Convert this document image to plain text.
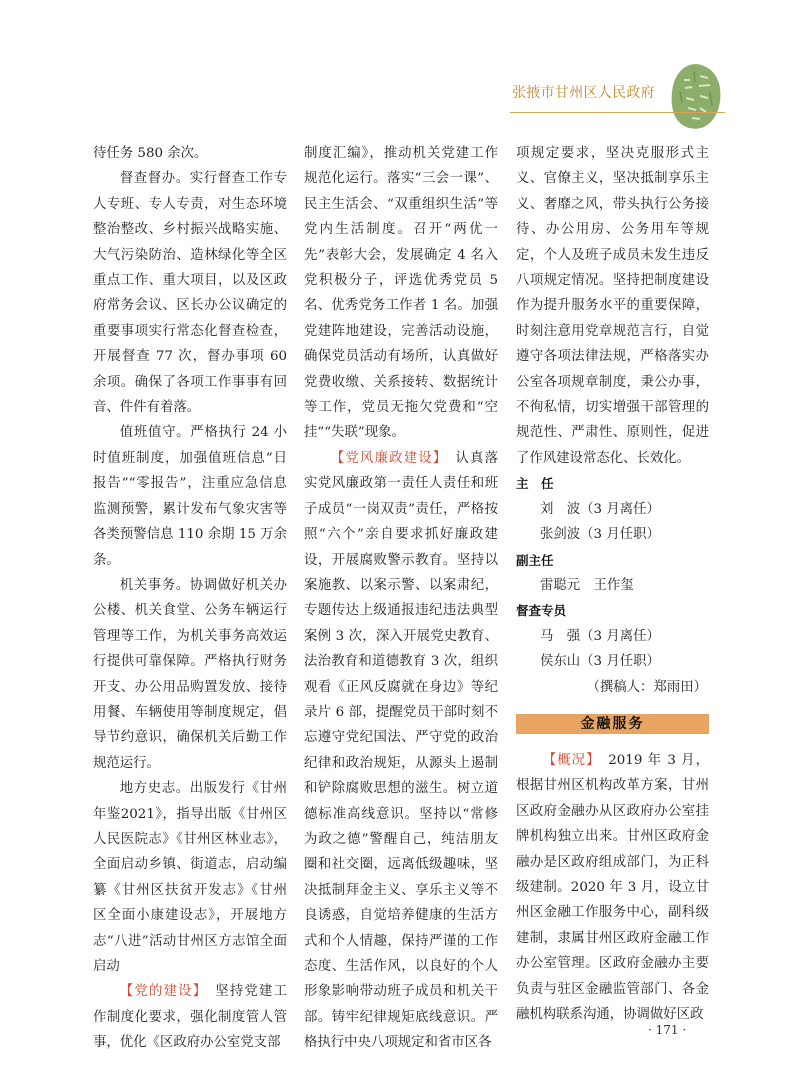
张掖市甘州区人民政府

待任务 580 余次。

督查督办。实行督查工作专人专班、专人专责，对生态环境整治整改、乡村振兴战略实施、大气污染防治、造林绿化等全区重点工作、重大项目，以及区政府常务会议、区长办公议确定的重要事项实行常态化督查检查，开展督查 77 次，督办事项 60 余项。确保了各项工作事事有回音、件件有着落。

值班值守。严格执行 24 小时值班制度，加强值班信息“日报告”“零报告”，注重应急信息监测预警，累计发布气象灾害等各类预警信息 110 余期 15 万余条。

机关事务。协调做好机关办公楼、机关食堂、公务车辆运行管理等工作，为机关事务高效运行提供可靠保障。严格执行财务开支、办公用品购置发放、接待用餐、车辆使用等制度规定，倡导节约意识，确保机关后勤工作规范运行。

地方史志。出版发行《甘州年鉴2021》，指导出版《甘州区人民医院志》《甘州区林业志》，全面启动乡镇、街道志，启动编纂《甘州区扶贫开发志》《甘州区全面小康建设志》，开展地方志“八进”活动甘州区方志馆全面启动

【党的建设】　坚持党建工作制度化要求，强化制度管人管事，优化《区政府办公室党支部

制度汇编》，推动机关党建工作规范化运行。落实“三会一课”、民主生活会、“双重组织生活”等党内生活制度。召开“两优一先”表彰大会，发展确定 4 名入党积极分子，评选优秀党员 5 名、优秀党务工作者 1 名。加强党建阵地建设，完善活动设施，确保党员活动有场所，认真做好党费收缴、关系接转、数据统计等工作，党员无拖欠党费和“空挂”“失联”现象。

【党风廉政建设】　认真落实党风廉政第一责任人责任和班子成员“一岗双责”责任，严格按照“六个”亲自要求抓好廉政建设，开展腐败警示教育。坚持以案施教、以案示警、以案肃纪，专题传达上级通报违纪违法典型案例 3 次，深入开展党史教育、法治教育和道德教育 3 次，组织观看《正风反腐就在身边》等纪录片 6 部，提醒党员干部时刻不忘遵守党纪国法、严守党的政治纪律和政治规矩，从源头上遏制和铲除腐败思想的滋生。树立道德标准高线意识。坚持以“常修为政之德”警醒自己，纯洁朋友圈和社交圈，远离低级趣味，坚决抵制拜金主义、享乐主义等不良诱惑，自觉培养健康的生活方式和个人情趣，保持严谨的工作态度、生活作风，以良好的个人形象影响带动班子成员和机关干部。铸牢纪律规矩底线意识。严格执行中央八项规定和省市区各

项规定要求，坚决克服形式主义、官僚主义，坚决抵制享乐主义、奢靡之风，带头执行公务接待、办公用房、公务用车等规定，个人及班子成员未发生违反八项规定情况。坚持把制度建设作为提升服务水平的重要保障，时刻注意用党章规范言行，自觉遵守各项法律法规，严格落实办公室各项规章制度，秉公办事，不徇私情，切实增强干部管理的规范性、严肃性、原则性，促进了作风建设常态化、长效化。

主　任
刘　波（3 月离任）
张剑波（3 月任职）
副主任
雷聪元　王作玺
督查专员
马　强（3 月离任）
侯东山（3 月任职）

（撰稿人：郑雨田）

金融服务

【概况】　2019 年 3 月，根据甘州区机构改革方案，甘州区政府金融办从区政府办公室挂牌机构独立出来。甘州区政府金融办是区政府组成部门，为正科级建制。2020 年 3 月，设立甘州区金融工作服务中心，副科级建制，隶属甘州区政府金融工作办公室管理。区政府金融办主要负责与驻区金融监管部门、各金融机构联系沟通，协调做好区政

· 171 ·
